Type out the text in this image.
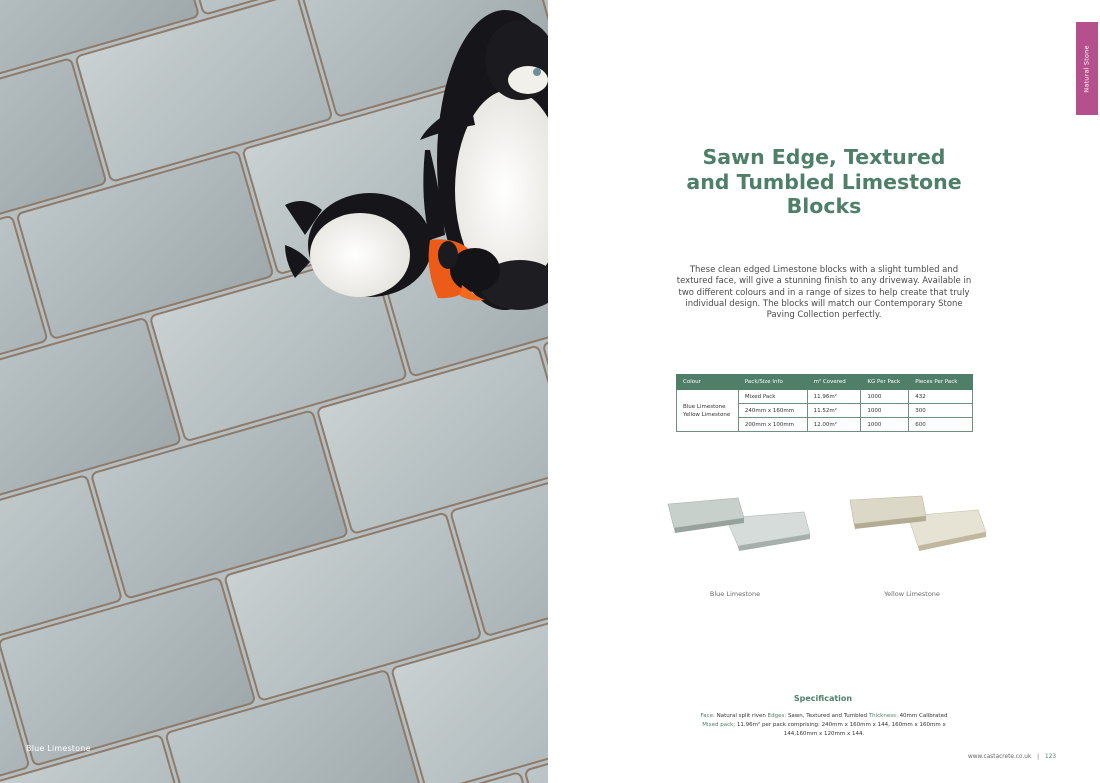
Blue Limestone
Natural Stone
Sawn Edge, Textured
and Tumbled Limestone
Blocks
These clean edged Limestone blocks with a slight tumbled and
textured face, will give a stunning finish to any driveway. Available in
two different colours and in a range of sizes to help create that truly
individual design. The blocks will match our Contemporary Stone
Paving Collection perfectly.
Colour	Pack/Size Info	m² Covered	KG Per Pack	Pieces Per Pack

Blue Limestone
Yellow Limestone	Mixed Pack	11.96m²	1000	432
	240mm x 160mm	11.52m²	1000	300
	200mm x 100mm	12.00m²	1000	600
Blue Limestone	Yellow Limestone
Specification
Face: Natural split riven Edges: Sawn, Textured and Tumbled Thickness: 40mm Calibrated
Mixed pack; 11.96m² per pack comprising: 240mm x 160mm x 144, 160mm x 160mm x
144,160mm x 120mm x 144.
www.castacrete.co.uk | 123
